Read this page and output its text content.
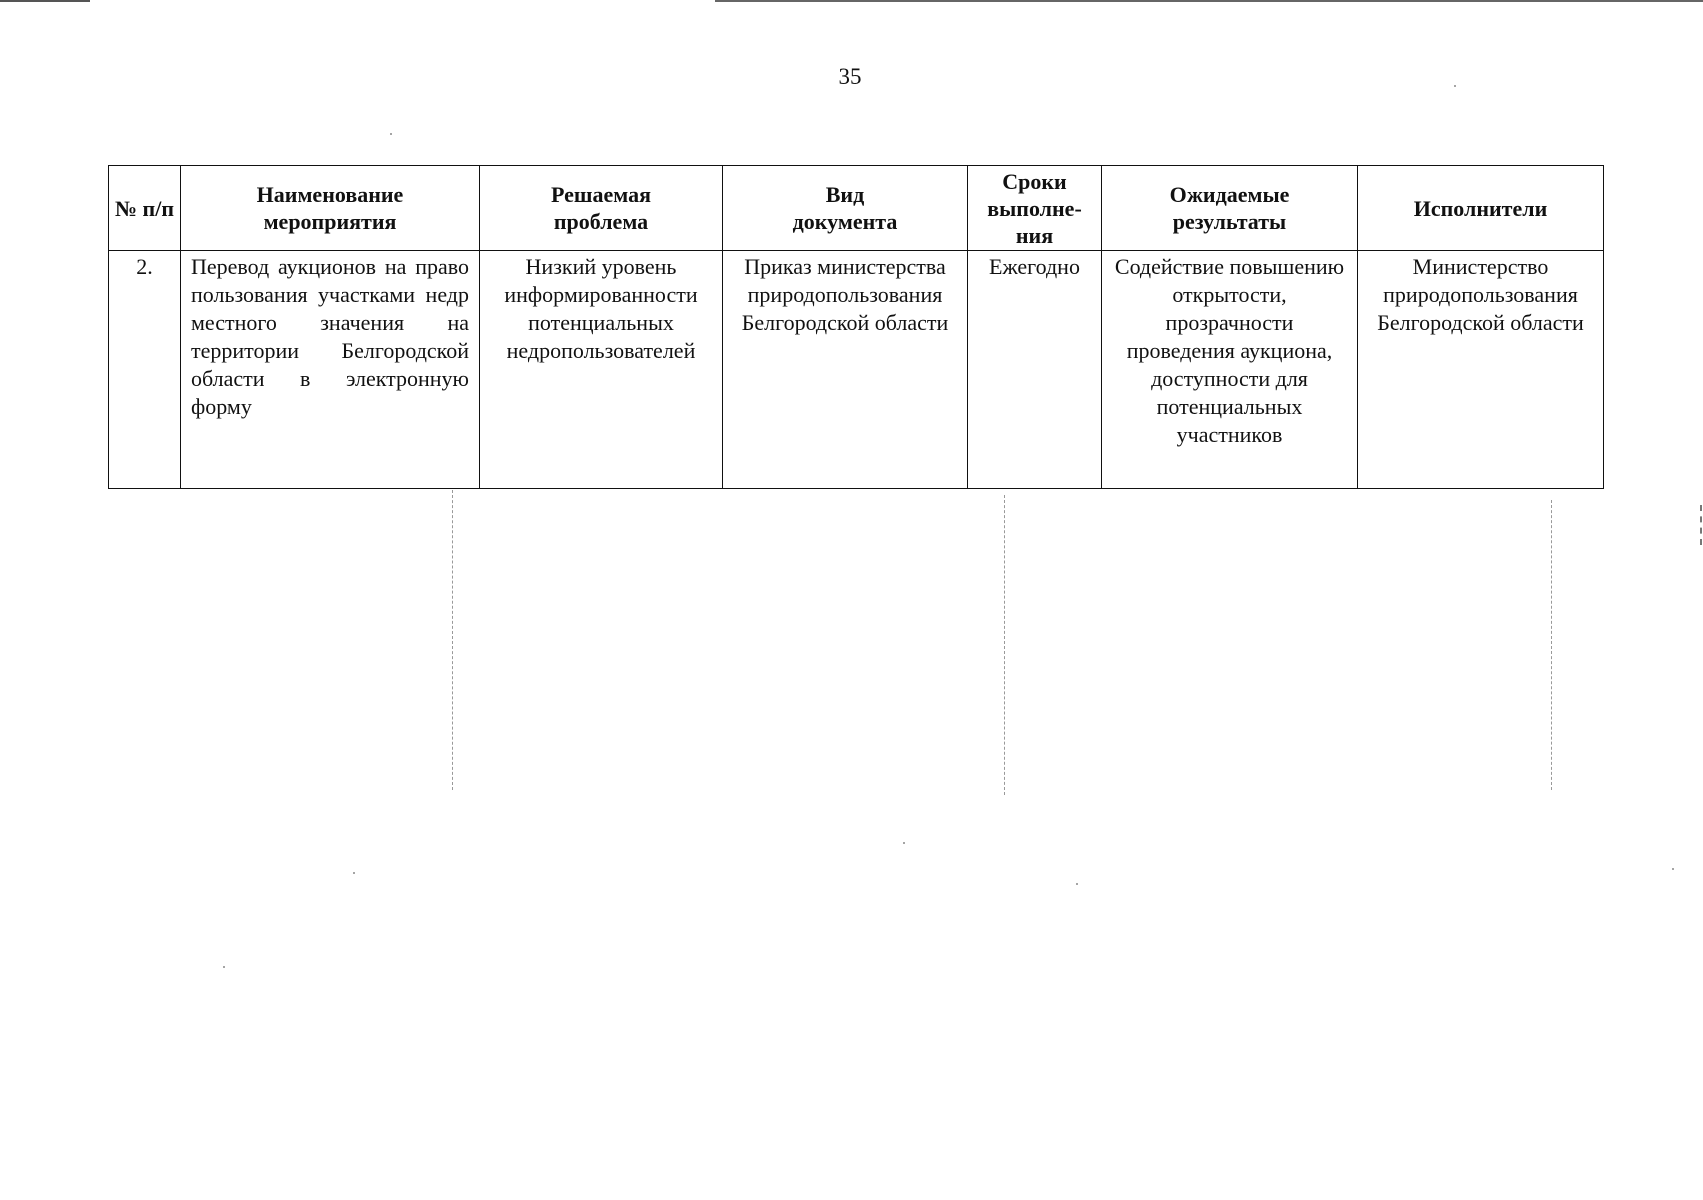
35
№ п/п	Наименование мероприятия	Решаемая проблема	Вид документа	Сроки выполне-ния	Ожидаемые результаты	Исполнители
2.	Перевод аукционов на право пользования участками недр местного значения на территории Белгородской области в электронную форму	Низкий уровень информированности потенциальных недропользователей	Приказ министерства природопользования Белгородской области	Ежегодно	Содействие повышению открытости, прозрачности проведения аукциона, доступности для потенциальных участников	Министерство природопользования Белгородской области
